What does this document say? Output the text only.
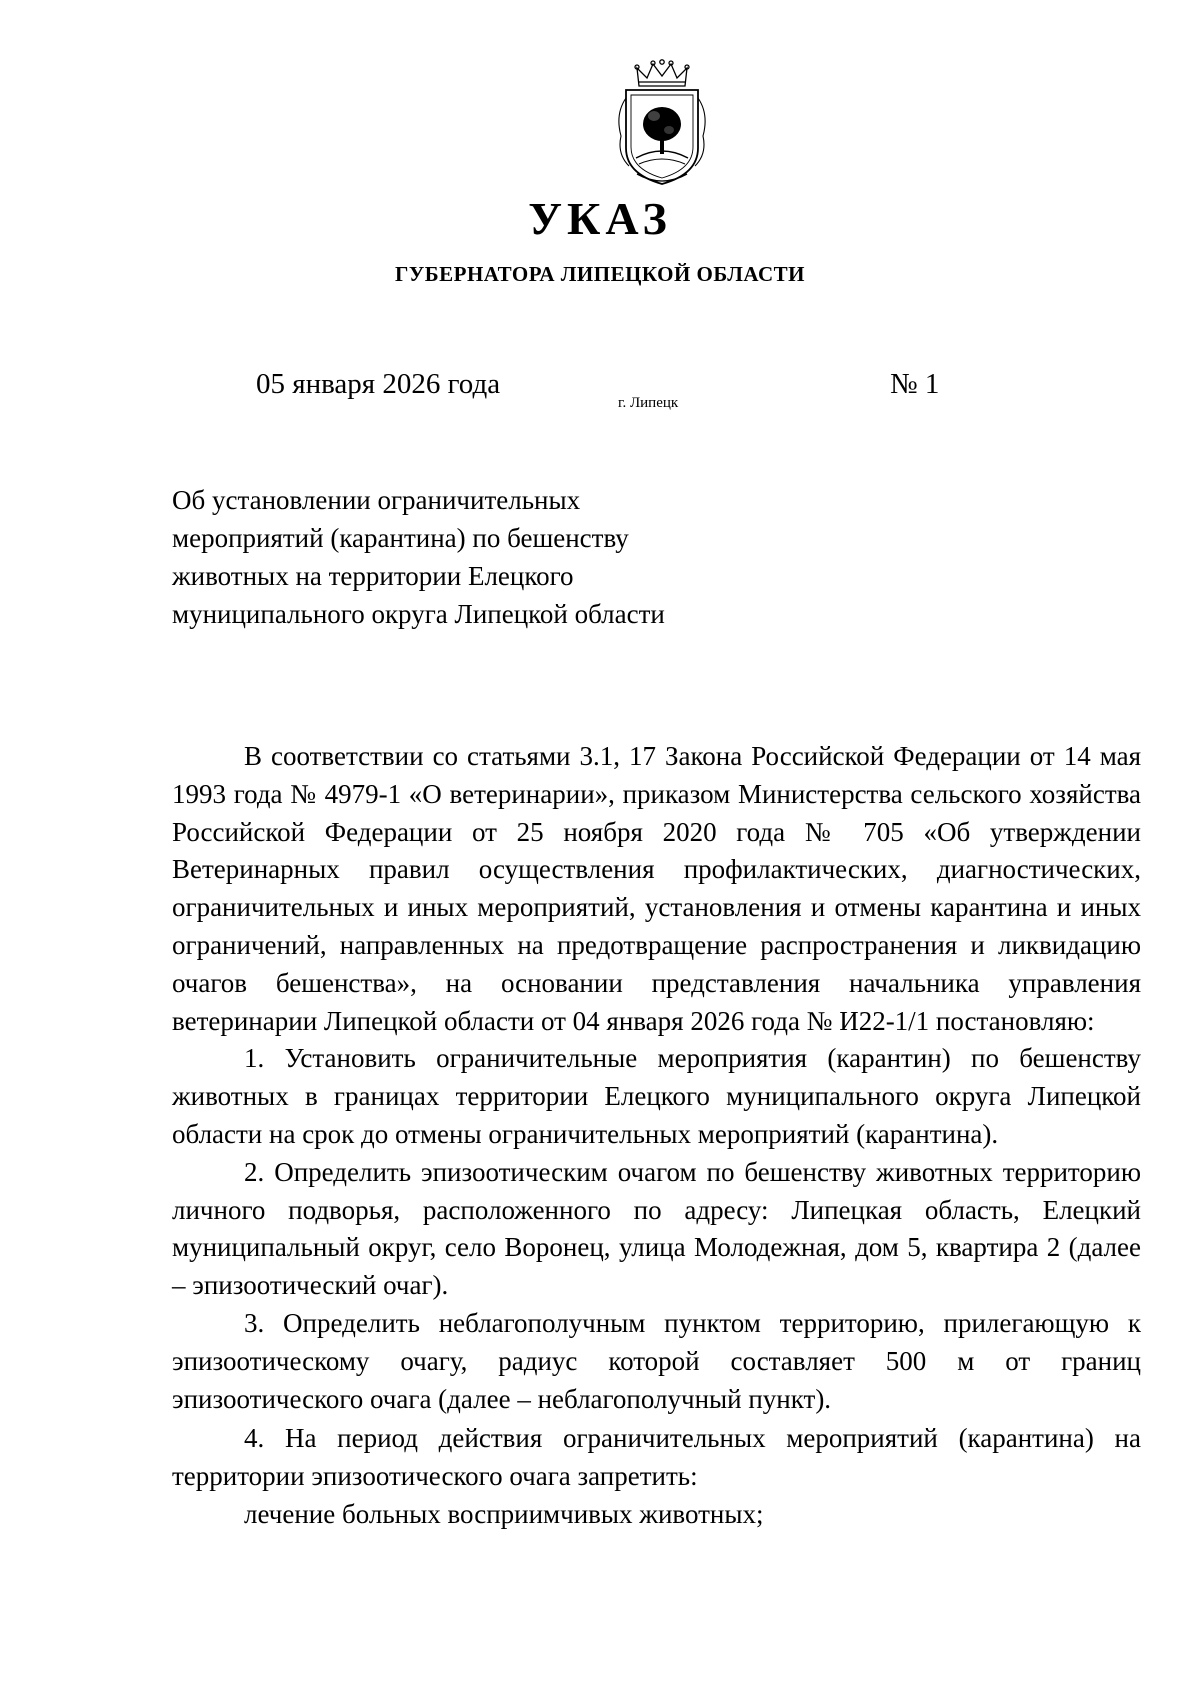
УКАЗ
ГУБЕРНАТОРА ЛИПЕЦКОЙ ОБЛАСТИ
05 января 2026 года
г. Липецк
№ 1
Об установлении ограничительных
мероприятий (карантина) по бешенству
животных на территории Елецкого
муниципального округа Липецкой области

В соответствии со статьями 3.1, 17 Закона Российской Федерации от 14 мая 1993 года № 4979-1 «О ветеринарии», приказом Министерства сельского хозяйства Российской Федерации от 25 ноября 2020 года № 705 «Об утверждении Ветеринарных правил осуществления профилактических, диагностических, ограничительных и иных мероприятий, установления и отмены карантина и иных ограничений, направленных на предотвращение распространения и ликвидацию очагов бешенства», на основании представления начальника управления ветеринарии Липецкой области от 04 января 2026 года № И22-1/1 постановляю:

1. Установить ограничительные мероприятия (карантин) по бешенству животных в границах территории Елецкого муниципального округа Липецкой области на срок до отмены ограничительных мероприятий (карантина).

2. Определить эпизоотическим очагом по бешенству животных территорию личного подворья, расположенного по адресу: Липецкая область, Елецкий муниципальный округ, село Воронец, улица Молодежная, дом 5, квартира 2 (далее – эпизоотический очаг).

3. Определить неблагополучным пунктом территорию, прилегающую к эпизоотическому очагу, радиус которой составляет 500 м от границ эпизоотического очага (далее – неблагополучный пункт).

4. На период действия ограничительных мероприятий (карантина) на территории эпизоотического очага запретить:

лечение больных восприимчивых животных;
